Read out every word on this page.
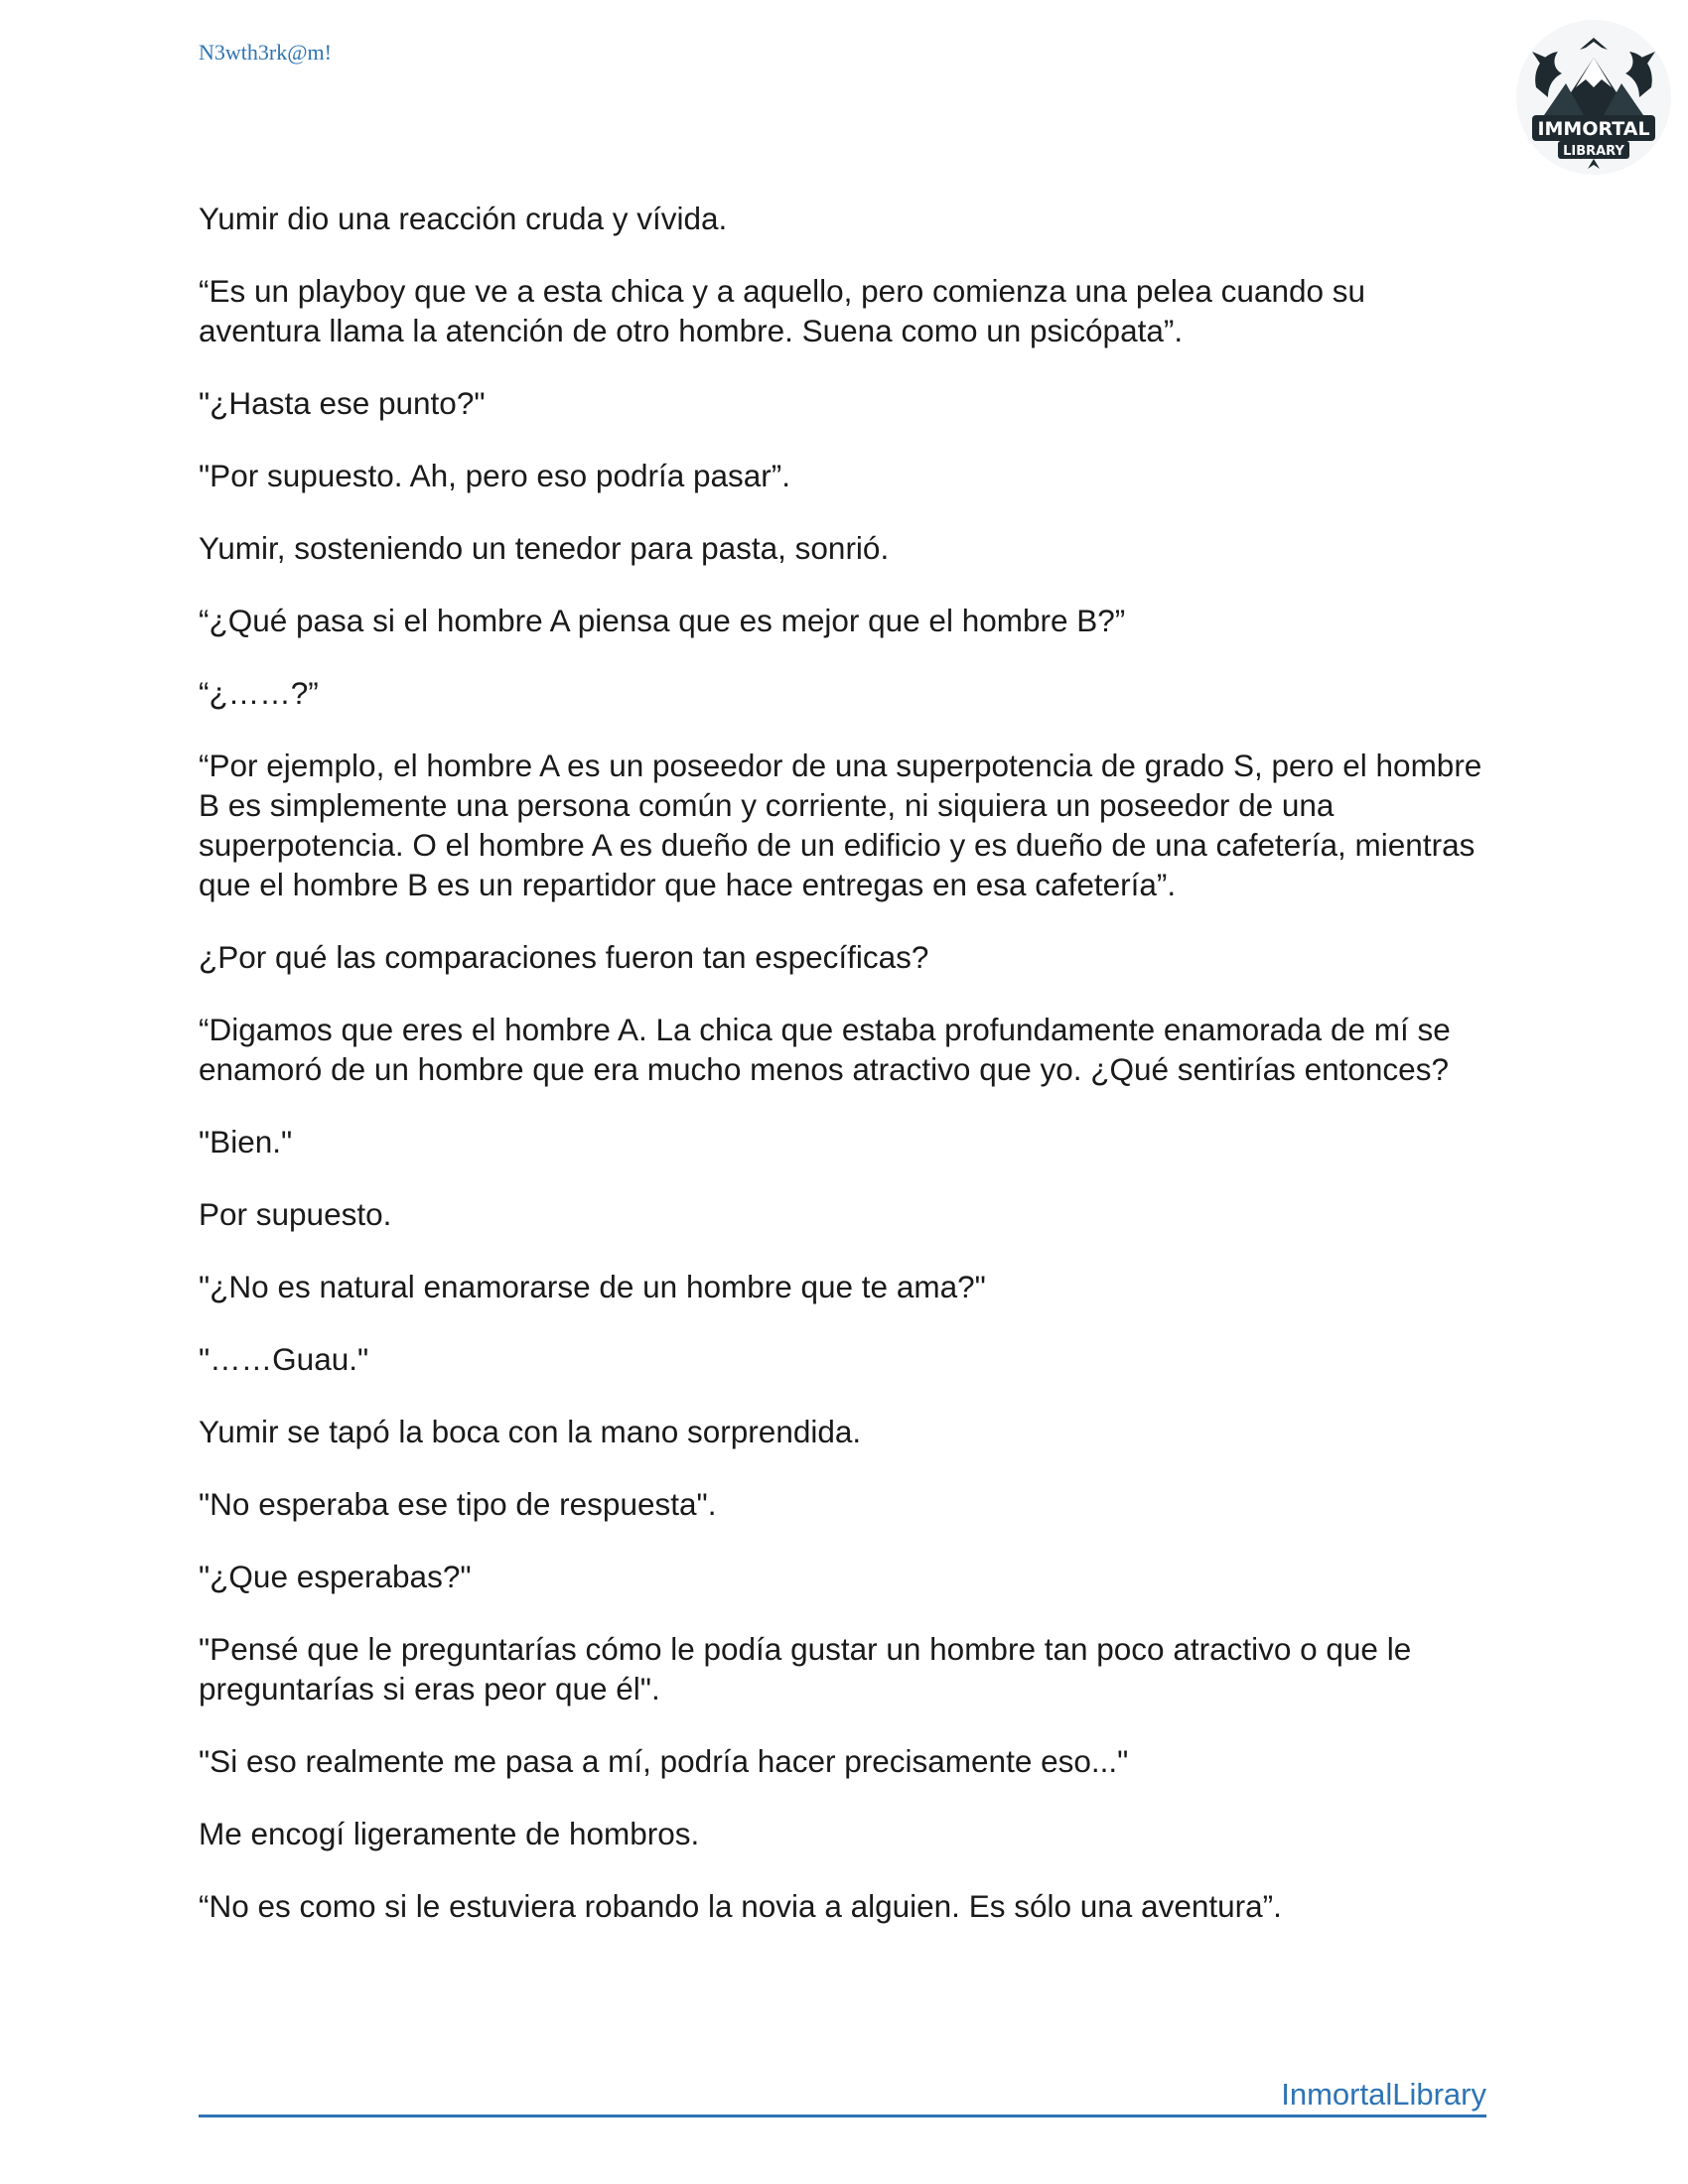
N3wth3rk@m!
IMMORTAL
LIBRARY

Yumir dio una reacción cruda y vívida.

“Es un playboy que ve a esta chica y a aquello, pero comienza una pelea cuando su aventura llama la atención de otro hombre. Suena como un psicópata”.

"¿Hasta ese punto?"

"Por supuesto. Ah, pero eso podría pasar”.

Yumir, sosteniendo un tenedor para pasta, sonrió.

“¿Qué pasa si el hombre A piensa que es mejor que el hombre B?”

“¿……?”

“Por ejemplo, el hombre A es un poseedor de una superpotencia de grado S, pero el hombre B es simplemente una persona común y corriente, ni siquiera un poseedor de una superpotencia. O el hombre A es dueño de un edificio y es dueño de una cafetería, mientras que el hombre B es un repartidor que hace entregas en esa cafetería”.

¿Por qué las comparaciones fueron tan específicas?

“Digamos que eres el hombre A. La chica que estaba profundamente enamorada de mí se enamoró de un hombre que era mucho menos atractivo que yo. ¿Qué sentirías entonces?

"Bien."

Por supuesto.

"¿No es natural enamorarse de un hombre que te ama?"

"……Guau."

Yumir se tapó la boca con la mano sorprendida.

"No esperaba ese tipo de respuesta".

"¿Que esperabas?"

"Pensé que le preguntarías cómo le podía gustar un hombre tan poco atractivo o que le preguntarías si eras peor que él".

"Si eso realmente me pasa a mí, podría hacer precisamente eso..."

Me encogí ligeramente de hombros.

“No es como si le estuviera robando la novia a alguien. Es sólo una aventura”.

InmortalLibrary
